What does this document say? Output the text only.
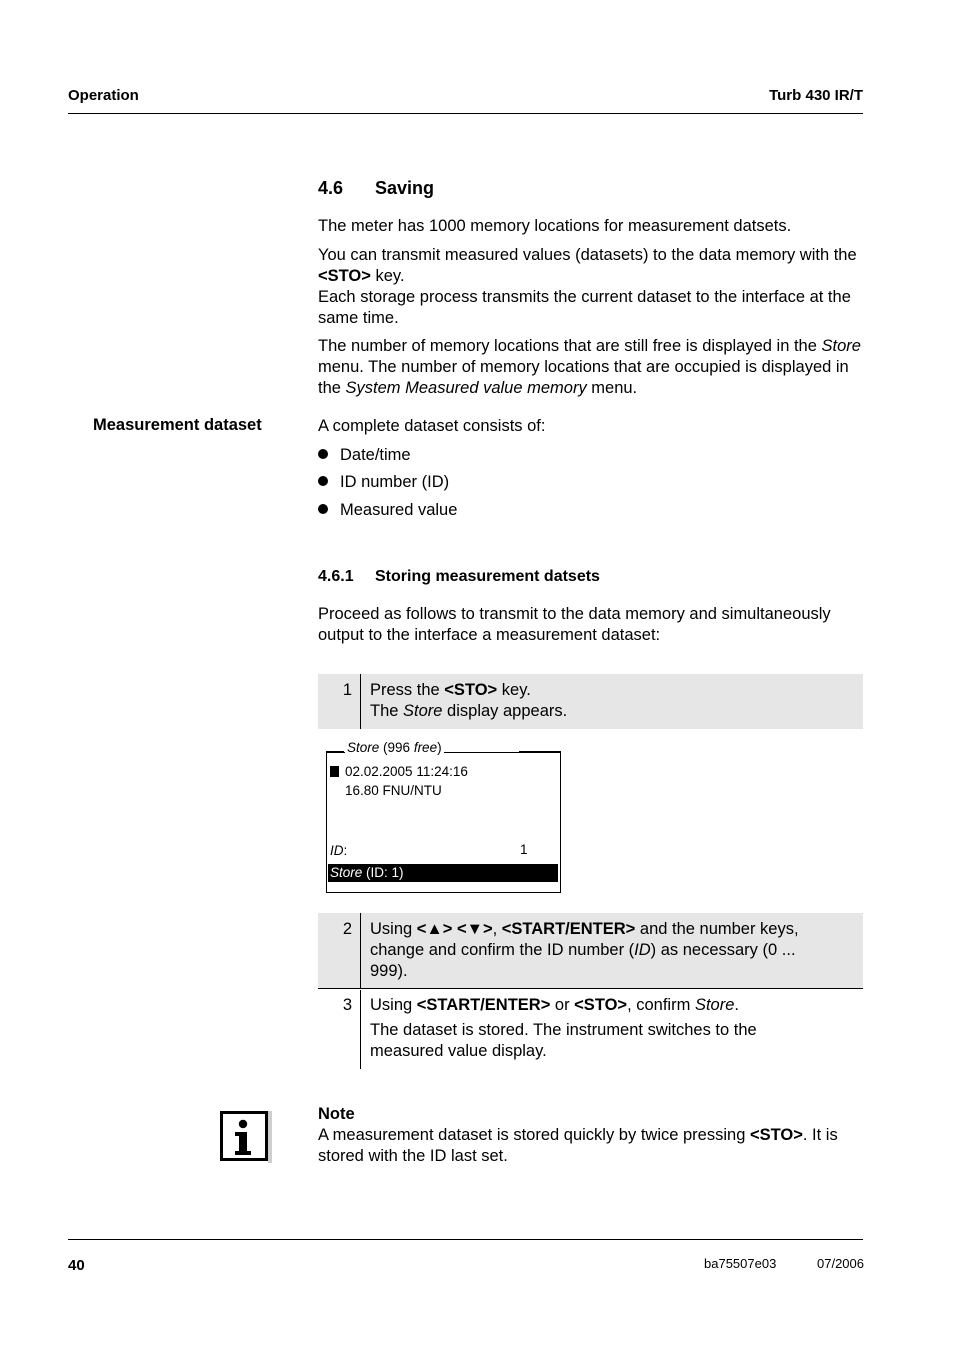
Operation	Turb 430 IR/T
4.6 Saving
The meter has 1000 memory locations for measurement datsets.
You can transmit measured values (datasets) to the data memory with the <STO> key.
Each storage process transmits the current dataset to the interface at the same time.
The number of memory locations that are still free is displayed in the Store menu. The number of memory locations that are occupied is displayed in the System Measured value memory menu.
Measurement dataset	A complete dataset consists of:
Date/time
ID number (ID)
Measured value
4.6.1 Storing measurement datsets
Proceed as follows to transmit to the data memory and simultaneously output to the interface a measurement dataset:
1 Press the <STO> key.
The Store display appears.
Store (996 free)
02.02.2005 11:24:16
16.80 FNU/NTU
ID:	1
Store (ID: 1)
2 Using <▲> <▼>, <START/ENTER> and the number keys, change and confirm the ID number (ID) as necessary (0 ... 999).
3 Using <START/ENTER> or <STO>, confirm Store.
The dataset is stored. The instrument switches to the measured value display.
Note
A measurement dataset is stored quickly by twice pressing <STO>. It is stored with the ID last set.
40	ba75507e03	07/2006
